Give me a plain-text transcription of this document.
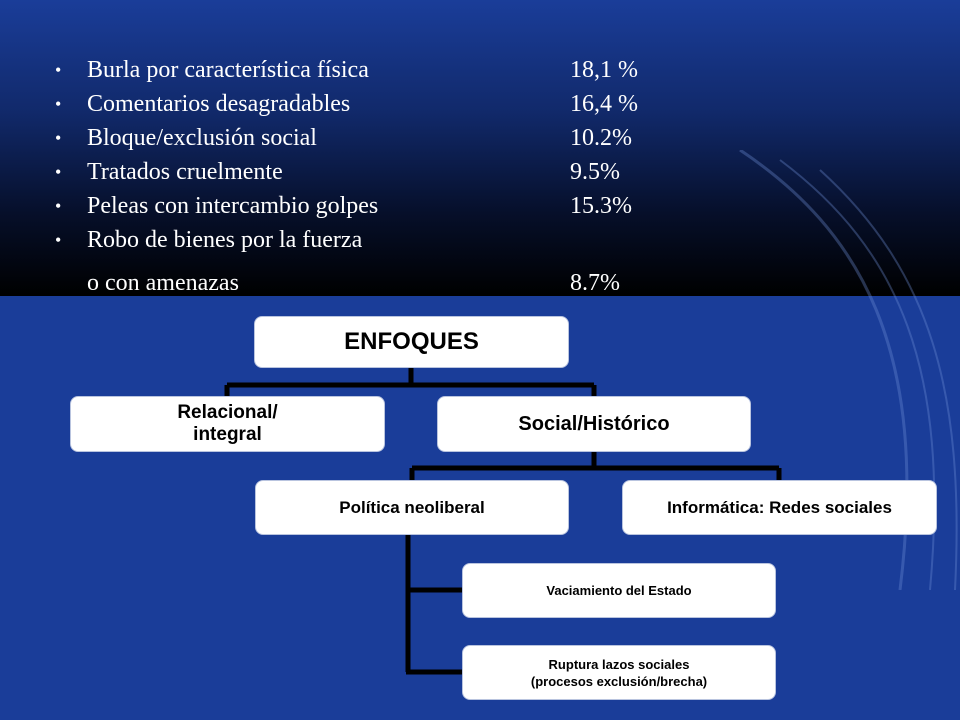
•	Burla por característica física	18,1 %
•	Comentarios desagradables	16,4 %
•	Bloque/exclusión social	10.2%
•	Tratados cruelmente	9.5%
•	Peleas con intercambio golpes	15.3%
•	Robo de bienes por la fuerza
o con amenazas	8.7%
ENFOQUES
Relacional/
integral	Social/Histórico
Política neoliberal	Informática: Redes sociales
Vaciamiento del Estado
Ruptura lazos sociales
(procesos exclusión/brecha)
